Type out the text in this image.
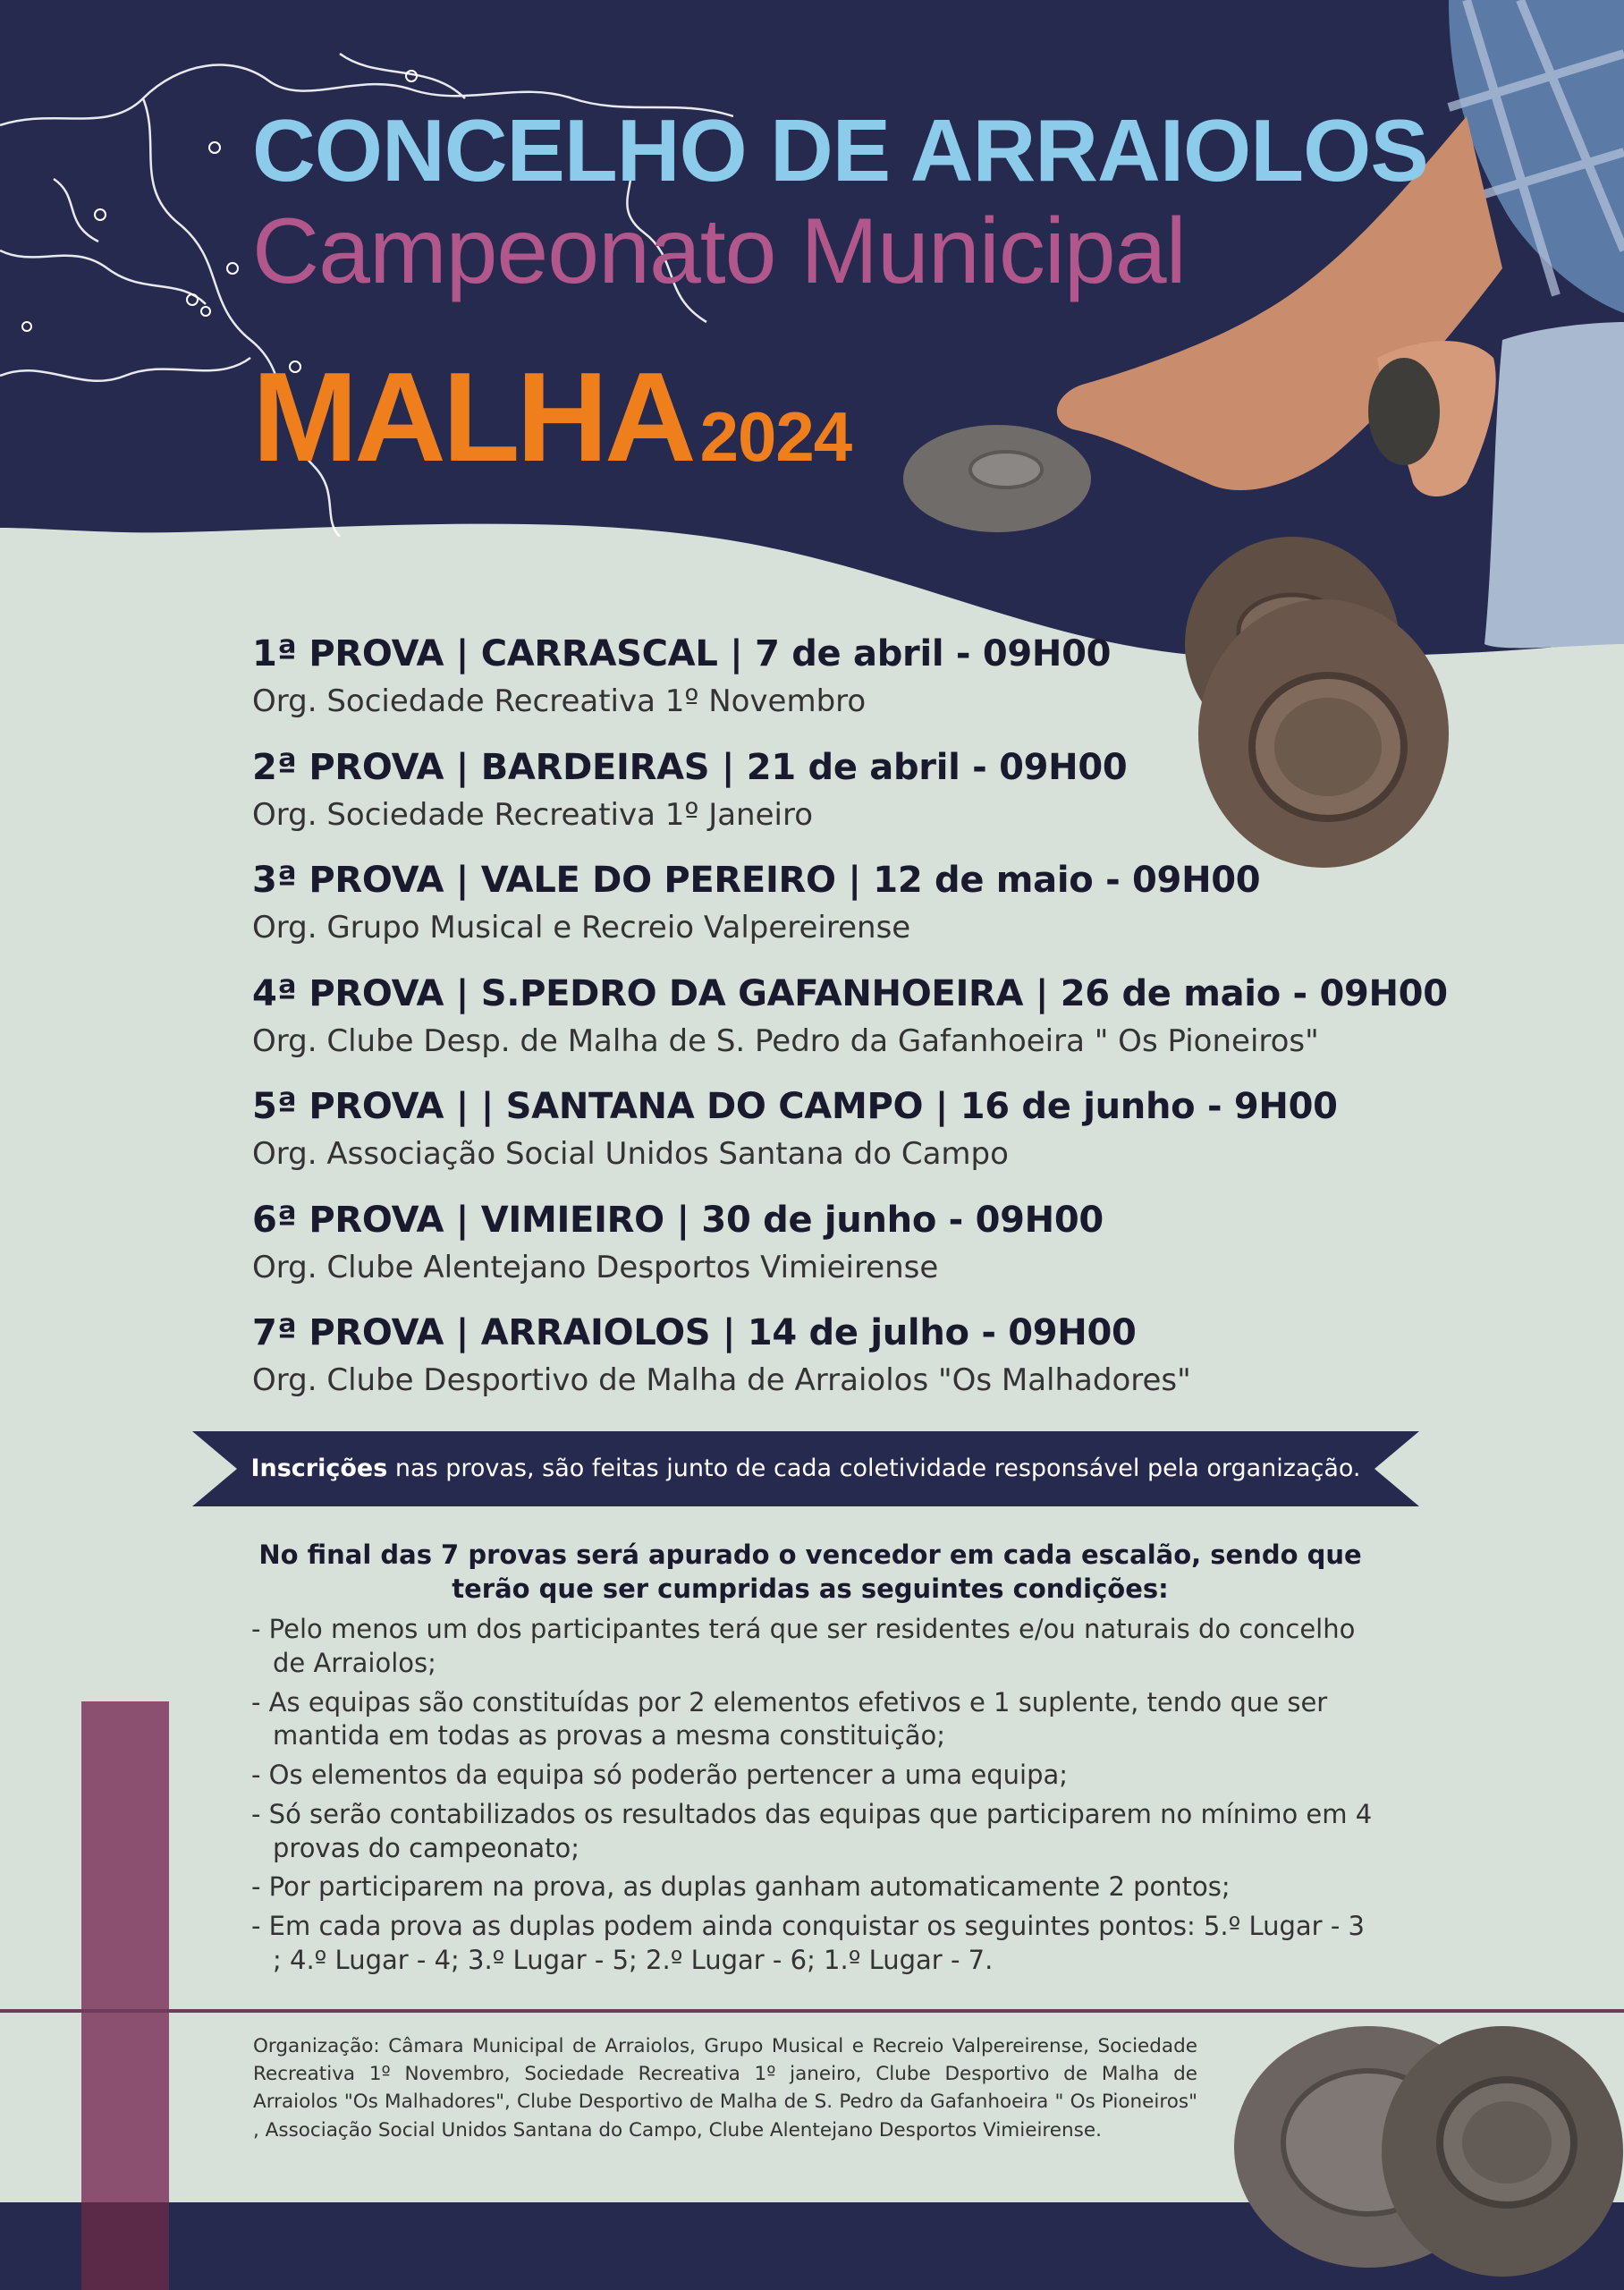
CONCELHO DE ARRAIOLOS
Campeonato Municipal
MALHA 2024
1ª PROVA | CARRASCAL | 7 de abril - 09H00
Org. Sociedade Recreativa 1º Novembro
2ª PROVA | BARDEIRAS | 21 de abril - 09H00
Org. Sociedade Recreativa 1º Janeiro
3ª PROVA | VALE DO PEREIRO | 12 de maio - 09H00
Org. Grupo Musical e Recreio Valpereirense
4ª PROVA | S.PEDRO DA GAFANHOEIRA | 26 de maio - 09H00
Org. Clube Desp. de Malha de S. Pedro da Gafanhoeira " Os Pioneiros"
5ª PROVA | | SANTANA DO CAMPO | 16 de junho - 9H00
Org. Associação Social Unidos Santana do Campo
6ª PROVA | VIMIEIRO | 30 de junho - 09H00
Org. Clube Alentejano Desportos Vimieirense
7ª PROVA | ARRAIOLOS | 14 de julho - 09H00
Org. Clube Desportivo de Malha de Arraiolos "Os Malhadores"
Inscrições nas provas, são feitas junto de cada coletividade responsável pela organização.
No final das 7 provas será apurado o vencedor em cada escalão, sendo que terão que ser cumpridas as seguintes condições:
- Pelo menos um dos participantes terá que ser residentes e/ou naturais do concelho de Arraiolos;
- As equipas são constituídas por 2 elementos efetivos e 1 suplente, tendo que ser mantida em todas as provas a mesma constituição;
- Os elementos da equipa só poderão pertencer a uma equipa;
- Só serão contabilizados os resultados das equipas que participarem no mínimo em 4 provas do campeonato;
- Por participarem na prova, as duplas ganham automaticamente 2 pontos;
- Em cada prova as duplas podem ainda conquistar os seguintes pontos: 5.º Lugar - 3 ; 4.º Lugar - 4; 3.º Lugar - 5; 2.º Lugar - 6; 1.º Lugar - 7.
Organização: Câmara Municipal de Arraiolos, Grupo Musical e Recreio Valpereirense, Sociedade Recreativa 1º Novembro, Sociedade Recreativa 1º janeiro, Clube Desportivo de Malha de Arraiolos "Os Malhadores", Clube Desportivo de Malha de S. Pedro da Gafanhoeira " Os Pioneiros" , Associação Social Unidos Santana do Campo, Clube Alentejano Desportos Vimieirense.
